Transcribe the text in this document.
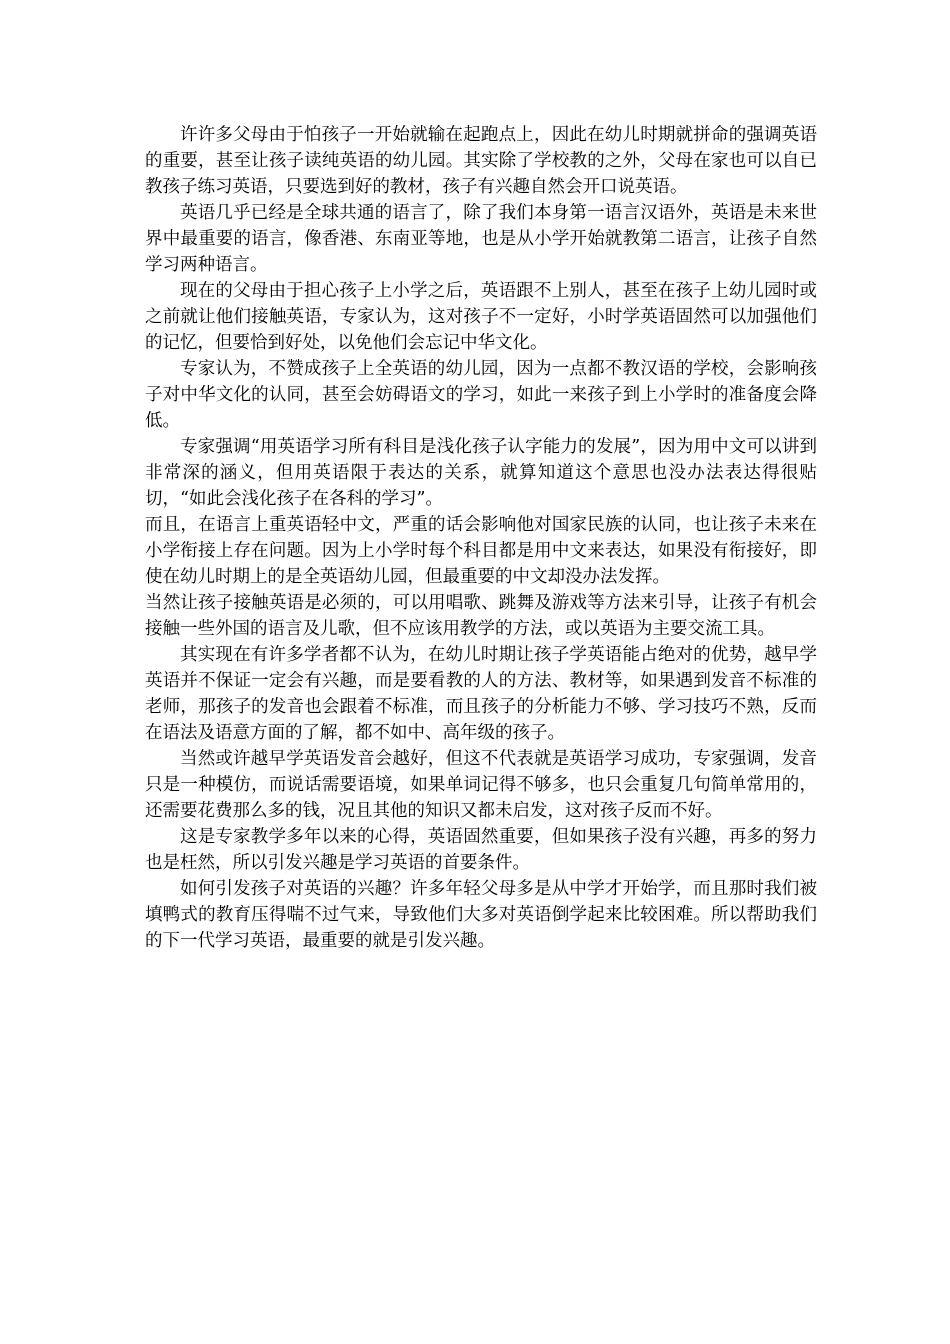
许许多父母由于怕孩子一开始就输在起跑点上，因此在幼儿时期就拼命的强调英语的重要，甚至让孩子读纯英语的幼儿园。其实除了学校教的之外，父母在家也可以自已教孩子练习英语，只要选到好的教材，孩子有兴趣自然会开口说英语。

英语几乎已经是全球共通的语言了，除了我们本身第一语言汉语外，英语是未来世界中最重要的语言，像香港、东南亚等地，也是从小学开始就教第二语言，让孩子自然学习两种语言。

现在的父母由于担心孩子上小学之后，英语跟不上别人，甚至在孩子上幼儿园时或之前就让他们接触英语，专家认为，这对孩子不一定好，小时学英语固然可以加强他们的记忆，但要恰到好处，以免他们会忘记中华文化。

专家认为，不赞成孩子上全英语的幼儿园，因为一点都不教汉语的学校，会影响孩子对中华文化的认同，甚至会妨碍语文的学习，如此一来孩子到上小学时的准备度会降低。

专家强调“用英语学习所有科目是浅化孩子认字能力的发展”，因为用中文可以讲到非常深的涵义，但用英语限于表达的关系，就算知道这个意思也没办法表达得很贴切，“如此会浅化孩子在各科的学习”。

而且，在语言上重英语轻中文，严重的话会影响他对国家民族的认同，也让孩子未来在小学衔接上存在问题。因为上小学时每个科目都是用中文来表达，如果没有衔接好，即使在幼儿时期上的是全英语幼儿园，但最重要的中文却没办法发挥。

当然让孩子接触英语是必须的，可以用唱歌、跳舞及游戏等方法来引导，让孩子有机会接触一些外国的语言及儿歌，但不应该用教学的方法，或以英语为主要交流工具。

其实现在有许多学者都不认为，在幼儿时期让孩子学英语能占绝对的优势，越早学英语并不保证一定会有兴趣，而是要看教的人的方法、教材等，如果遇到发音不标准的老师，那孩子的发音也会跟着不标准，而且孩子的分析能力不够、学习技巧不熟，反而在语法及语意方面的了解，都不如中、高年级的孩子。

当然或许越早学英语发音会越好，但这不代表就是英语学习成功，专家强调，发音只是一种模仿，而说话需要语境，如果单词记得不够多，也只会重复几句简单常用的，还需要花费那么多的钱，况且其他的知识又都未启发，这对孩子反而不好。

这是专家教学多年以来的心得，英语固然重要，但如果孩子没有兴趣，再多的努力也是枉然，所以引发兴趣是学习英语的首要条件。

如何引发孩子对英语的兴趣？许多年轻父母多是从中学才开始学，而且那时我们被填鸭式的教育压得喘不过气来，导致他们大多对英语倒学起来比较困难。所以帮助我们的下一代学习英语，最重要的就是引发兴趣。
